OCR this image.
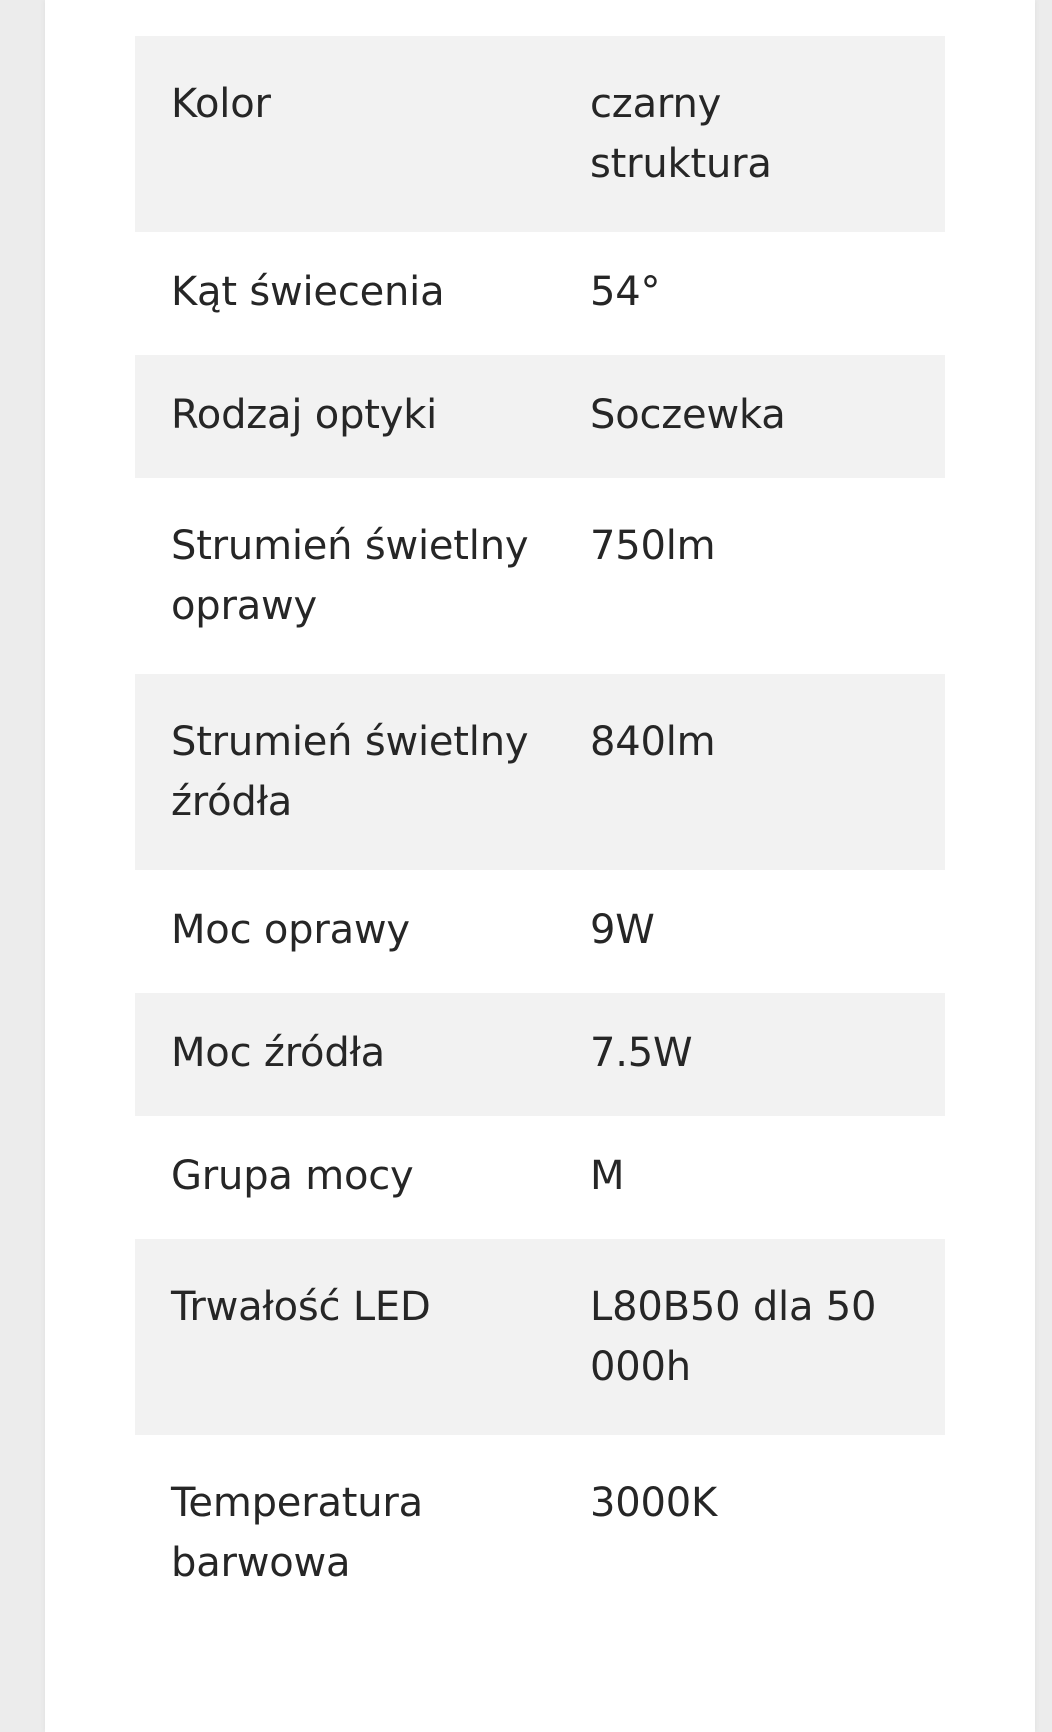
Kolor	czarny struktura
Kąt świecenia	54°
Rodzaj optyki	Soczewka
Strumień świetlny oprawy	750lm
Strumień świetlny źródła	840lm
Moc oprawy	9W
Moc źródła	7.5W
Grupa mocy	M
Trwałość LED	L80B50 dla 50 000h
Temperatura barwowa	3000K
